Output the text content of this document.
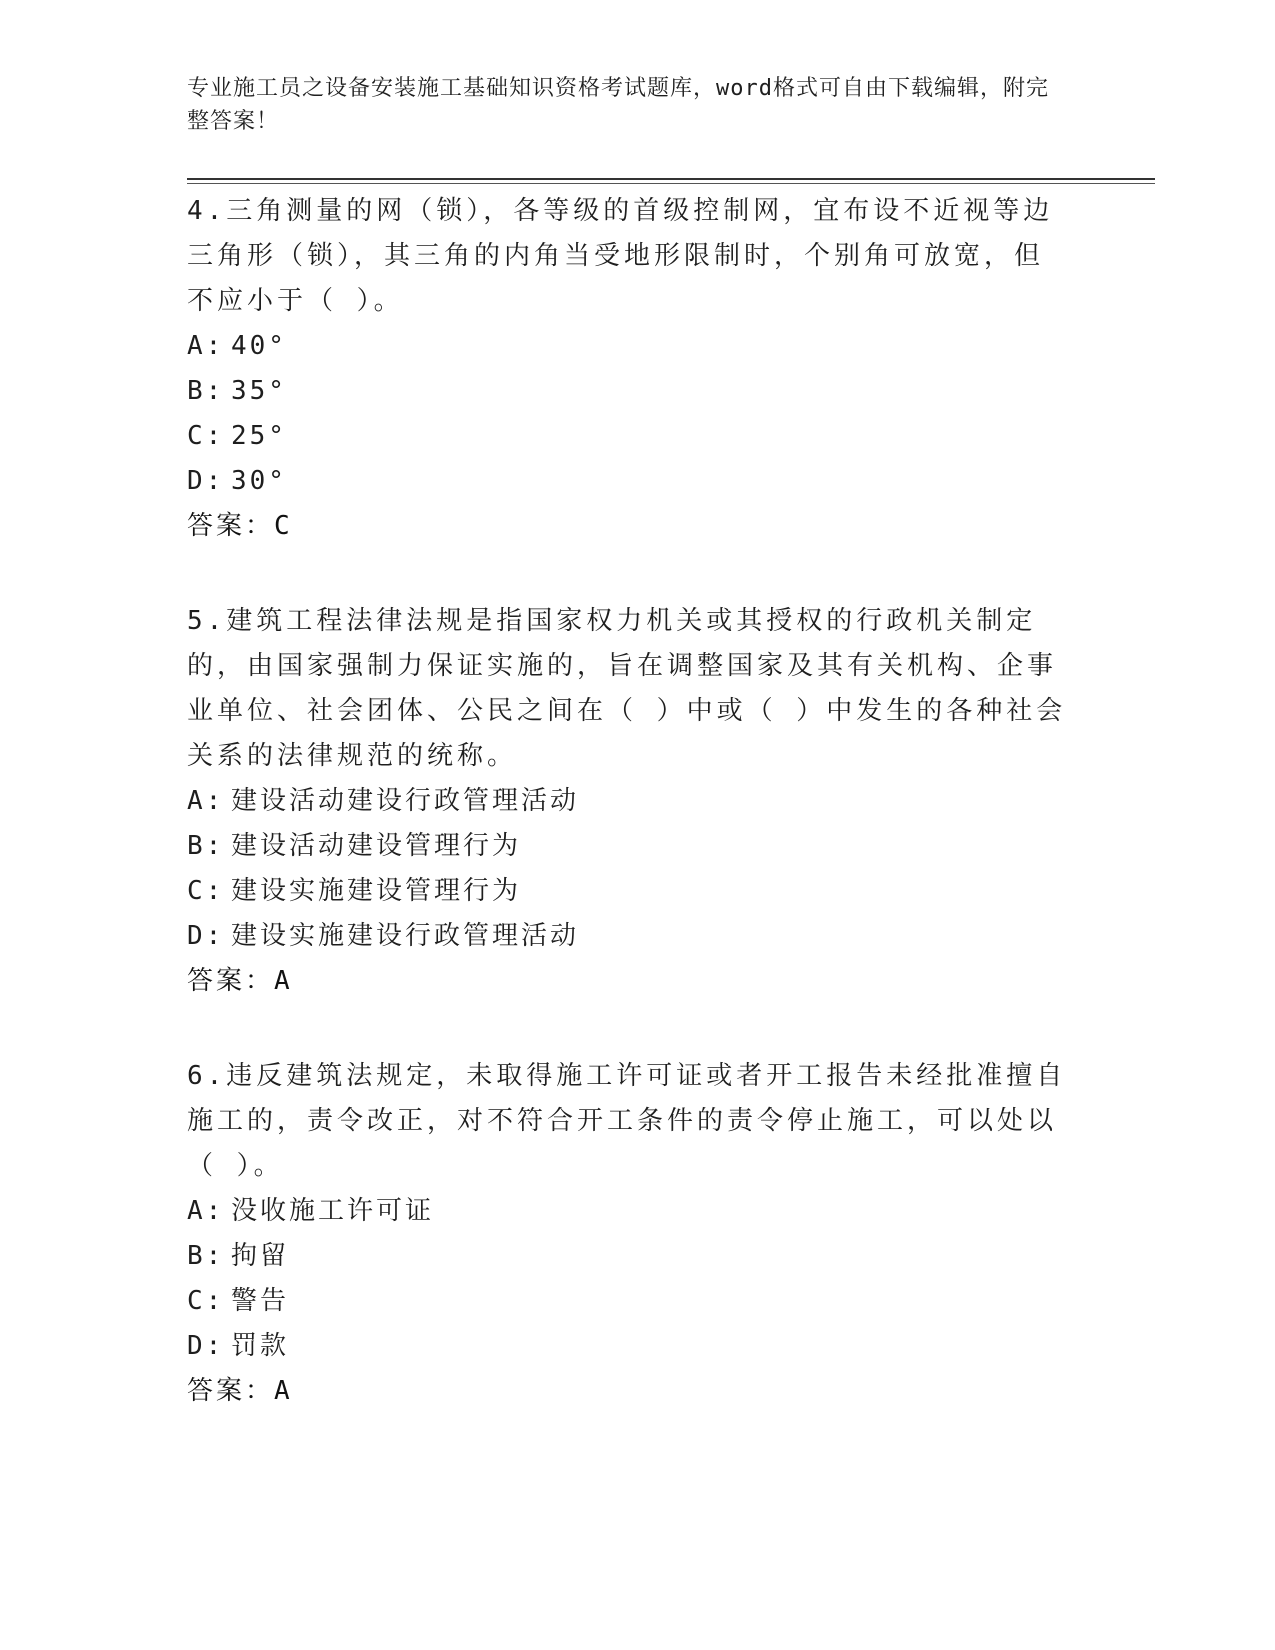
专业施工员之设备安装施工基础知识资格考试题库，word格式可自由下载编辑，附完整答案！

4.三角测量的网（锁），各等级的首级控制网，宜布设不近视等边三角形（锁），其三角的内角当受地形限制时，个别角可放宽，但不应小于（ ）。

A: 40°

B: 35°

C: 25°

D: 30°

答案：C

5.建筑工程法律法规是指国家权力机关或其授权的行政机关制定的，由国家强制力保证实施的，旨在调整国家及其有关机构、企事业单位、社会团体、公民之间在（ ）中或（ ）中发生的各种社会关系的法律规范的统称。

A: 建设活动建设行政管理活动

B: 建设活动建设管理行为

C: 建设实施建设管理行为

D: 建设实施建设行政管理活动

答案：A

6.违反建筑法规定，未取得施工许可证或者开工报告未经批准擅自施工的，责令改正，对不符合开工条件的责令停止施工，可以处以（ ）。

A: 没收施工许可证

B: 拘留

C: 警告

D: 罚款

答案：A
